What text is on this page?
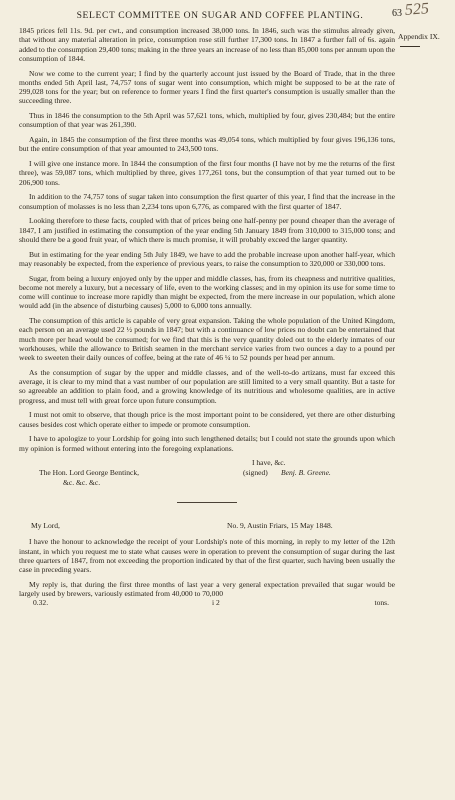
SELECT COMMITTEE ON SUGAR AND COFFEE PLANTING.	63 525
Appendix IX.

1845 prices fell 11s. 9d. per cwt., and consumption increased 38,000 tons. In 1846, such was the stimulus already given, that without any material alteration in price, consumption rose still further 17,300 tons. In 1847 a further fall of 6s. again added to the consumption 29,400 tons; making in the three years an increase of no less than 85,000 tons per annum upon the consumption of 1844.

Now we come to the current year; I find by the quarterly account just issued by the Board of Trade, that in the three months ended 5th April last, 74,757 tons of sugar went into consumption, which might be supposed to be at the rate of 299,028 tons for the year; but on reference to former years I find the first quarter's consumption is usually smaller than the succeeding three.

Thus in 1846 the consumption to the 5th April was 57,621 tons, which, multiplied by four, gives 230,484; but the entire consumption of that year was 261,390.

Again, in 1845 the consumption of the first three months was 49,054 tons, which multiplied by four gives 196,136 tons, but the entire consumption of that year amounted to 243,500 tons.

I will give one instance more. In 1844 the consumption of the first four months (I have not by me the returns of the first three), was 59,087 tons, which multiplied by three, gives 177,261 tons, but the consumption of that year turned out to be 206,900 tons.

In addition to the 74,757 tons of sugar taken into consumption the first quarter of this year, I find that the increase in the consumption of molasses is no less than 2,234 tons upon 6,776, as compared with the first quarter of 1847.

Looking therefore to these facts, coupled with that of prices being one half-penny per pound cheaper than the average of 1847, I am justified in estimating the consumption of the year ending 5th January 1849 from 310,000 to 315,000 tons; and should there be a good fruit year, of which there is much promise, it will probably exceed the larger quantity.

But in estimating for the year ending 5th July 1849, we have to add the probable increase upon another half-year, which may reasonably be expected, from the experience of previous years, to raise the consumption to 320,000 or 330,000 tons.

Sugar, from being a luxury enjoyed only by the upper and middle classes, has, from its cheapness and nutritive qualities, become not merely a luxury, but a necessary of life, even to the working classes; and in my opinion its use for some time to come will continue to increase more rapidly than might be expected, from the mere increase in our population, which alone would add (in the absence of disturbing causes) 5,000 to 6,000 tons annually.

The consumption of this article is capable of very great expansion. Taking the whole population of the United Kingdom, each person on an average used 22 ½ pounds in 1847; but with a continuance of low prices no doubt can be entertained that much more per head would be consumed; for we find that this is the very quantity doled out to the elderly inmates of our workhouses, while the allowance to British seamen in the merchant service varies from two ounces a day to a pound per week to sweeten their daily ounces of coffee, being at the rate of 46 ¼ to 52 pounds per head per annum.

As the consumption of sugar by the upper and middle classes, and of the well-to-do artizans, must far exceed this average, it is clear to my mind that a vast number of our population are still limited to a very small quantity. But a taste for so agreeable an addition to plain food, and a growing knowledge of its nutritious and wholesome qualities, are in active progress, and must tell with great force upon future consumption.

I must not omit to observe, that though price is the most important point to be considered, yet there are other disturbing causes besides cost which operate either to impede or promote consumption.

I have to apologize to your Lordship for going into such lengthened details; but I could not state the grounds upon which my opinion is formed without entering into the foregoing explanations.

I have, &c.
The Hon. Lord George Bentinck,	(signed) Benj. B. Greene.
&c. &c. &c.
My Lord,	No. 9, Austin Friars, 15 May 1848.

I have the honour to acknowledge the receipt of your Lordship's note of this morning, in reply to my letter of the 12th instant, in which you request me to state what causes were in operation to prevent the consumption of sugar during the last three quarters of 1847, from not exceeding the proportion indicated by that of the first quarter, such having been usually the case in preceding years.

My reply is, that during the first three months of last year a very general expectation prevailed that sugar would be largely used by brewers, variously estimated from 40,000 to 70,000

0.32.	i 2	tons.
